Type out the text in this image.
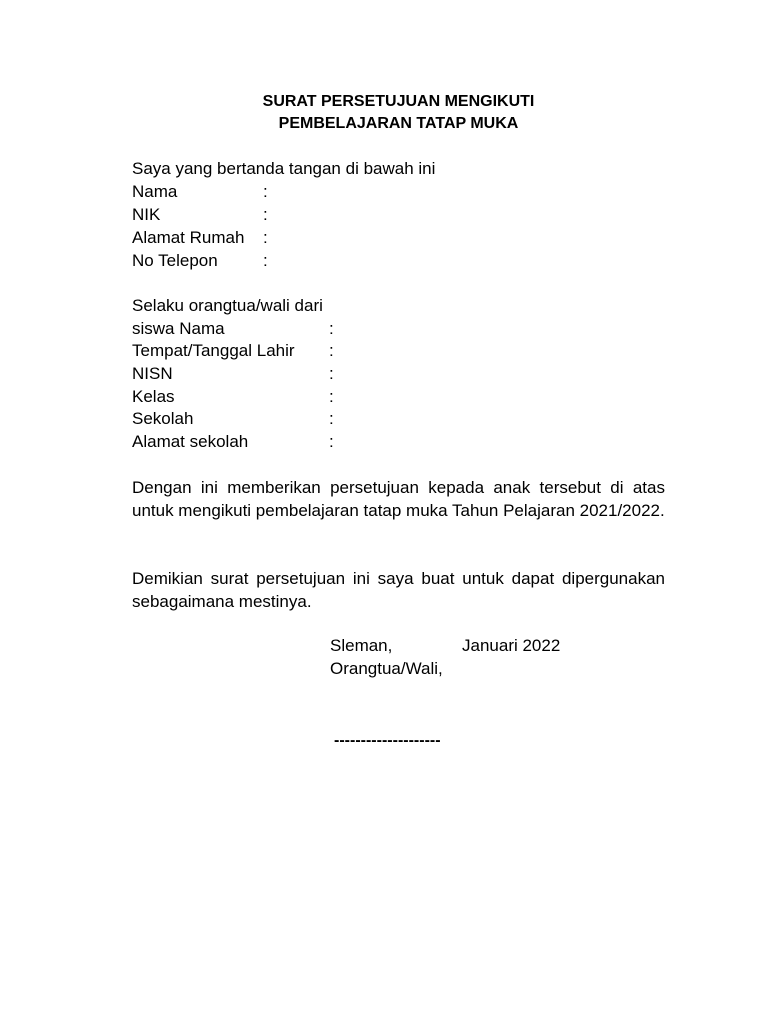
SURAT PERSETUJUAN MENGIKUTI
PEMBELAJARAN TATAP MUKA
Saya yang bertanda tangan di bawah ini
Nama	:
NIK	:
Alamat Rumah :
No Telepon	:
Selaku orangtua/wali dari
siswa Nama	:
Tempat/Tanggal Lahir :
NISN	:
Kelas	:
Sekolah	:
Alamat sekolah	:
Dengan ini memberikan persetujuan kepada anak tersebut di atas untuk mengikuti pembelajaran tatap muka Tahun Pelajaran 2021/2022.
Demikian surat persetujuan ini saya buat untuk dapat dipergunakan sebagaimana mestinya.
Sleman,	Januari 2022
Orangtua/Wali,
--------------------
